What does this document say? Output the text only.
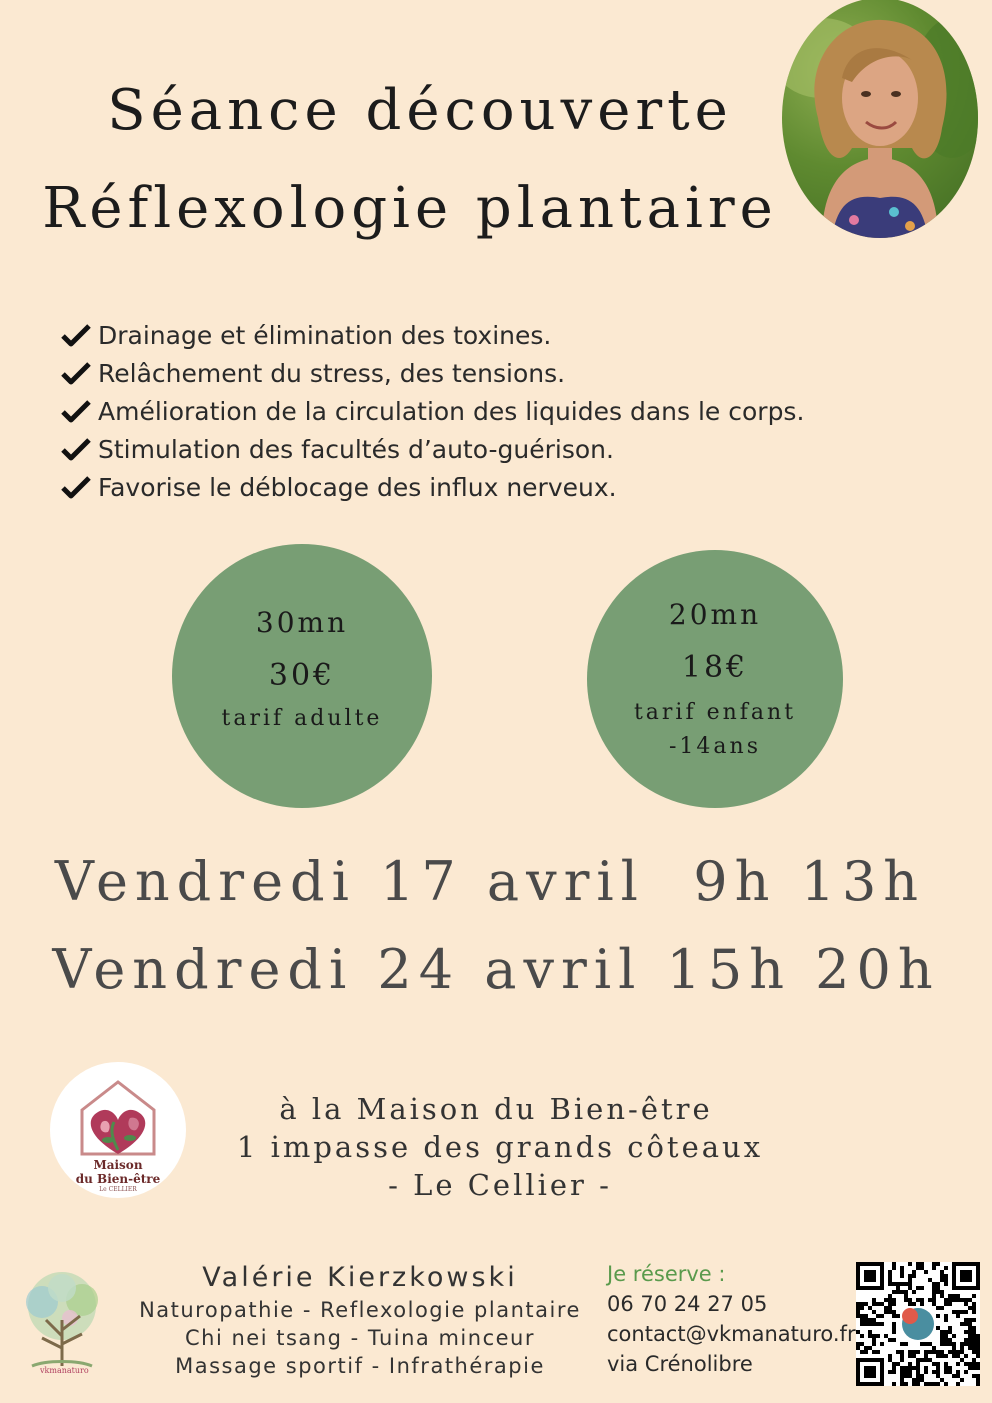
Séance découverte
Réflexologie plantaire
Drainage et élimination des toxines.
Relâchement du stress, des tensions.
Amélioration de la circulation des liquides dans le corps.
Stimulation des facultés d’auto-guérison.
Favorise le déblocage des influx nerveux.
30mn
30€
tarif adulte
20mn
18€
tarif enfant
-14ans
Vendredi 17 avril  9h 13h
Vendredi 24 avril 15h 20h
Maison
du Bien-être
Le CELLIER
à la Maison du Bien-être
1 impasse des grands côteaux
- Le Cellier -
vkmanaturo
Valérie Kierzkowski
Naturopathie - Reflexologie plantaire
Chi nei tsang - Tuina minceur
Massage sportif - Infrathérapie
Je réserve :
06 70 24 27 05
contact@vkmanaturo.fr
via Crénolibre
